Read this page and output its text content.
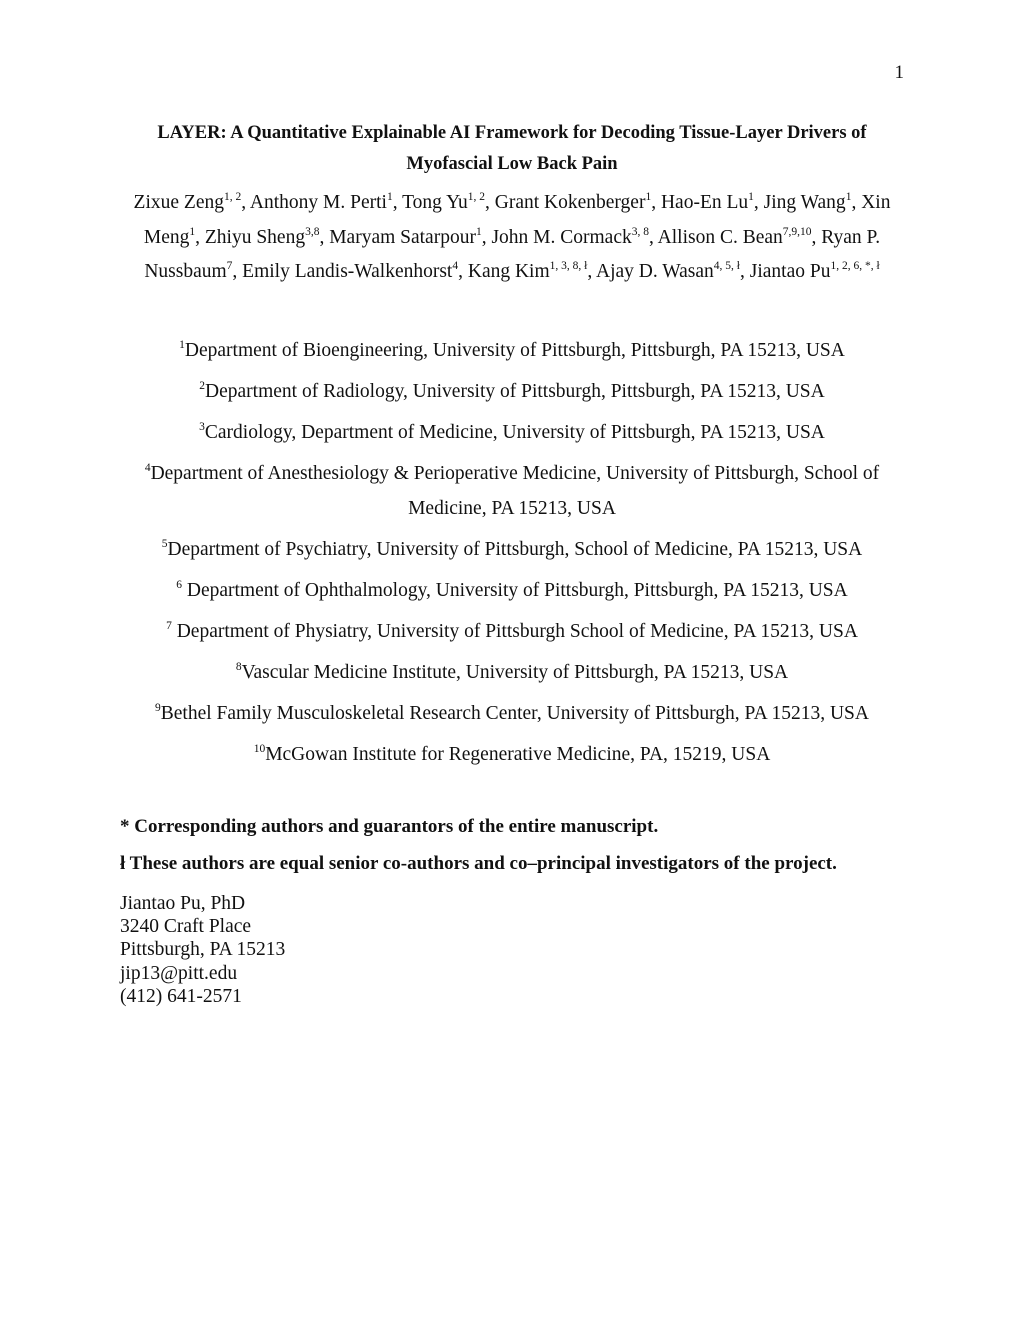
1
LAYER: A Quantitative Explainable AI Framework for Decoding Tissue-Layer Drivers of Myofascial Low Back Pain
Zixue Zeng$^{1, 2}$, Anthony M. Perti$^1$, Tong Yu$^{1, 2}$, Grant Kokenberger$^1$, Hao-En Lu$^1$, Jing Wang$^1$, Xin Meng$^1$, Zhiyu Sheng$^{3,8}$, Maryam Satarpour$^1$, John M. Cormack$^{3, 8}$, Allison C. Bean$^{7,9,10}$, Ryan P. Nussbaum$^7$, Emily Landis-Walkenhorst$^4$, Kang Kim$^{1, 3, 8, ł}$, Ajay D. Wasan$^{4, 5, ł}$, Jiantao $Pu^{1, 2, 6, *, ł}$
$^1$Department of Bioengineering, University of Pittsburgh, Pittsburgh, PA 15213, USA
$^2$Department of Radiology, University of Pittsburgh, Pittsburgh, PA 15213, USA
$^3$Cardiology, Department of Medicine, University of Pittsburgh, PA 15213, USA
$^4$Department of Anesthesiology & Perioperative Medicine, University of Pittsburgh, School of Medicine, PA 15213, USA
$^5$Department of Psychiatry, University of Pittsburgh, School of Medicine, PA 15213, USA
$^6$ Department of Ophthalmology, University of Pittsburgh, Pittsburgh, PA 15213, USA
$^7$ Department of Physiatry, University of Pittsburgh School of Medicine, PA 15213, USA
$^8$Vascular Medicine Institute, University of Pittsburgh, PA 15213, USA
$^9$Bethel Family Musculoskeletal Research Center, University of Pittsburgh, PA 15213, USA
$^{10}$McGowan Institute for Regenerative Medicine, PA, 15219, USA
* Corresponding authors and guarantors of the entire manuscript.
ł These authors are equal senior co-authors and co–principal investigators of the project.
Jiantao Pu, PhD
3240 Craft Place
Pittsburgh, PA 15213
jip13@pitt.edu
(412) 641-2571
